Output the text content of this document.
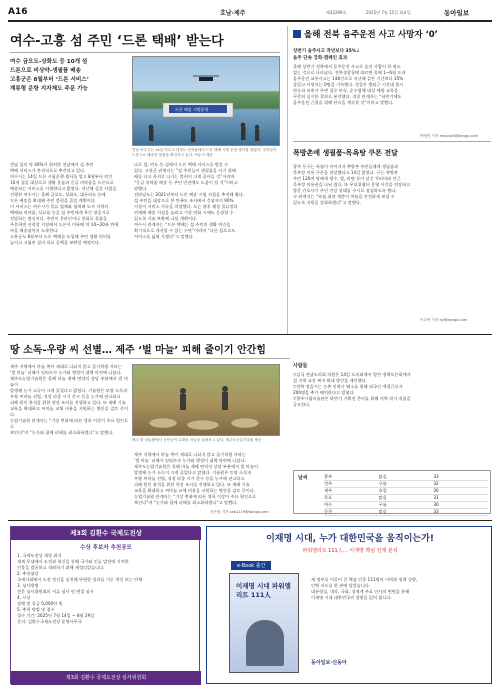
A16	호남·제주	제33299호	2025년 7월 15일 화요일	동아일보
여수-고흥 섬 주민 ‘드론 택배’ 받는다
여수 금오도-상화도 등 10개 섬
드론으로 비상약-생필품 배송
고흥군은 8월부터 ‘드론 서비스’
계류형 운항 지자체도 주문 가능
드론 배송 시범운항
전남 여수시는 14일 여수시 대경도 선착장에서 드론 택배 시범 운항 행사를 열었다. 주민들이 드론으로 배송된 물품을 확인하고 있다. 여수시 제공
전남 섬의 약 40%가 위치한 전남에서 섬 주민
택배 서비스가 본격적으로 추진되고 있다.
여수시는 14일 드론 시험운행 행사를 열고 8월부터 연간
10개 섬을 대상으로 생활 물품과 응급 의약품을 드론으로
배송하는 서비스를 시행한다고 밝혔다. 지난해 실증 사업을
진행한 여수시는 올해 금오도, 상화도, 대두라도 등에
드론 배송을 확대해 주민 불편을 줄일 계획이다.
이 서비스는 여수시가 물류 업체와 협력해 도서 지역의
택배와 의약품, 식료품 등을 섬 주민에게 무인 항공기로
전달하는 방식이다. 주민이 온라인이나 전화로 물품을
주문하면 선착장 거점에서 드론이 이륙해 약 10~20분 만에
마을 배송함까지 도착한다.
고흥군도 8월부터 드론 택배를 도입해 주민 생활 편의를
높이고 고립된 섬의 의료 공백을 보완할 예정이다.
나로 섬, 연도 등 섬에서 드론 택배 서비스를 받을 수
있다. 고흥군 관계자는 “섬 주민들이 생필품을 사기 위해
배를 타고 육지로 나가는 불편이 크게 줄어들 것”이라며
“응급 의약품 배송 등 주민 안전에도 도움이 될 것”이라고
말했다.
전라남도는 2021년부터 드론 배송 시범 사업을 추진해 왔다.
섬 주민을 대상으로 한 만족도 조사에서 응답자의 90%
이상이 서비스 지속을 희망했다. 도는 향후 해상 물류망과
연계해 배송 거점을 늘리고 기상 악화 시에도 운항할 수
있도록 기술 보완에 나설 계획이다.
여수시 관계자는 “드론 택배는 섬 주민의 생활 여건을
획기적으로 개선할 수 있는 수단”이라며 “다른 섬으로도
서비스를 넓혀 가겠다”고 말했다.
올해 전북 음주운전 사고 사망자 ‘0’
상반기 음주사고 작년보다 35%↓
음주 단속 강화·캠페인 효과
올해 상반기 전북에서 음주운전 사고로 숨진 사람이 한 명도
없는 것으로 나타났다. 전북경찰청에 따르면 올해 1~6월 도내
음주운전 교통사고는 148건으로 지난해 같은 기간보다 35%
줄었고 사망자는 0명을 기록했다. 경찰은 출퇴근 시간대 불시
단속과 유흥가 주변 집중 단속, 운수업체 대상 예방 교육을
꾸준히 실시한 결과로 분석했다. 경찰 관계자는 “하반기에도
음주운전 근절을 위해 단속을 계속할 것”이라고 말했다.
박영민 기자 minpark@donga.com
폭방촌에 생필품-목욕탕 쿠폰 전달
광주 동구는 폭염이 이어지자 쪽방촌 주민들에게 생필품과
목욕탕 이용 쿠폰을 전달했다고 14일 밝혔다. 구는 쪽방촌
주민 120여 명에게 생수, 쌀, 라면 등이 담긴 꾸러미와 인근
목욕탕 이용권을 나눠 줬다. 또 무더위쉼터 운영 시간을 연장하고
방문 간호사가 주민 건강 상태를 수시로 점검하도록 했다.
구 관계자는 “폭염 취약 계층이 여름을 안전하게 보낼 수
있도록 지원을 강화하겠다”고 말했다.
이수연 기자 sy@donga.com
땅 소독-우량 씨 선별… 제주 ‘벌 마늘’ 피해 줄이기 안간힘
제주 지역에서 마늘 쪽이 제대로 나뉘지 않고 줄기처럼 자라는
‘벌 마늘’ 피해가 잇따르자 농가와 행정이 대책 마련에 나섰다.
제주도농업기술원은 올해 마늘 재배 면적의 상당 부분에서 벌 마늘이
발생해 농가 소득이 크게 줄었다고 밝혔다. 기술원은 토양 소독과
우량 씨마늘 선별, 적정 파종 시기 준수 등을 농가에 권고하고
피해 원인 분석을 위한 현장 조사를 진행하고 있다. 또 재배 기술
교육을 확대하고 씨마늘 교체 비용을 지원하는 방안을 검토 중이다.
농업기술원 관계자는 “기상 변화에 따른 생육 이상이 주요 원인으로
보인다”며 “농가와 함께 피해를 최소화하겠다”고 말했다.
제주 한 마늘밭에서 농민들이 수확한 마늘을 살펴보고 있다. 제주도농업기술원 제공
제주 지역에서 마늘 쪽이 제대로 나뉘지 않고 줄기처럼 자라는
‘벌 마늘’ 피해가 잇따르자 농가와 행정이 대책 마련에 나섰다.
제주도농업기술원은 올해 마늘 재배 면적의 상당 부분에서 벌 마늘이
발생해 농가 소득이 크게 줄었다고 밝혔다. 기술원은 토양 소독과
우량 씨마늘 선별, 적정 파종 시기 준수 등을 농가에 권고하고
피해 원인 분석을 위한 현장 조사를 진행하고 있다. 또 재배 기술
교육을 확대하고 씨마늘 교체 비용을 지원하는 방안을 검토 중이다.
농업기술원 관계자는 “기상 변화에 따른 생육 이상이 주요 원인으로
보인다”며 “농가와 함께 피해를 최소화하겠다”고 말했다.
송은범 기자 seb1119@donga.com
▽김국 전남도의회 의원은 14일 도의회에서 열린 정책토론회에서
섬 지역 교통 복지 확대 방안을 제안했다.
▽전북 정읍시는 농촌 인력난 해소를 위해 외국인 계절근로자
200명을 추가 배치한다고 밝혔다.
▽광주시립미술관은 하반기 기획전 준비를 위해 지역 작가 작품을
공모한다.
사람들
날씨	광주	맑음	33
전주	구름	32
제주	흐림	30
목포	맑음	31
여수	구름	30
순천	맑음	33
제3회 김환수 국제도전상
수상 후보자 추천공모
1. 국제도전상 제정 취지
세계 무대에서 도전과 혁신을 통해 국가와 인류 발전에 기여한
인물을 발굴하고 격려하기 위해 제정되었습니다.
2. 추천대상
국제사회에서 도전 정신을 실천해 뚜렷한 성과를 거둔 개인 또는 단체
3. 심사방법
전문 심사위원회의 서류 심사 및 면접 심사
4. 시상
상패 및 상금 5,000만 원
5. 추천 방법 및 접수
접수 기간: 2025년 7월 14일 ~ 8월 29일
문의: 김환수국제도전상 운영사무국
제3회 김환수 국제도전상 심사위원회
이재명 시대, 누가 대한민국을 움직이는가!
파워엘리트 111人… 이재명 핵심 인재 분석
e-Book 출간
이재명 시대 파워엘리트 111人
새 정부를 이끌어 갈 핵심 인물 111명의 이력과 정책 성향,
인맥 지도를 한 권에 담았습니다.
대통령실, 내각, 국회, 경제계 주요 인사의 면면을 통해
이재명 시대 대한민국의 향방을 읽어 봅니다.
동아일보·신동아
